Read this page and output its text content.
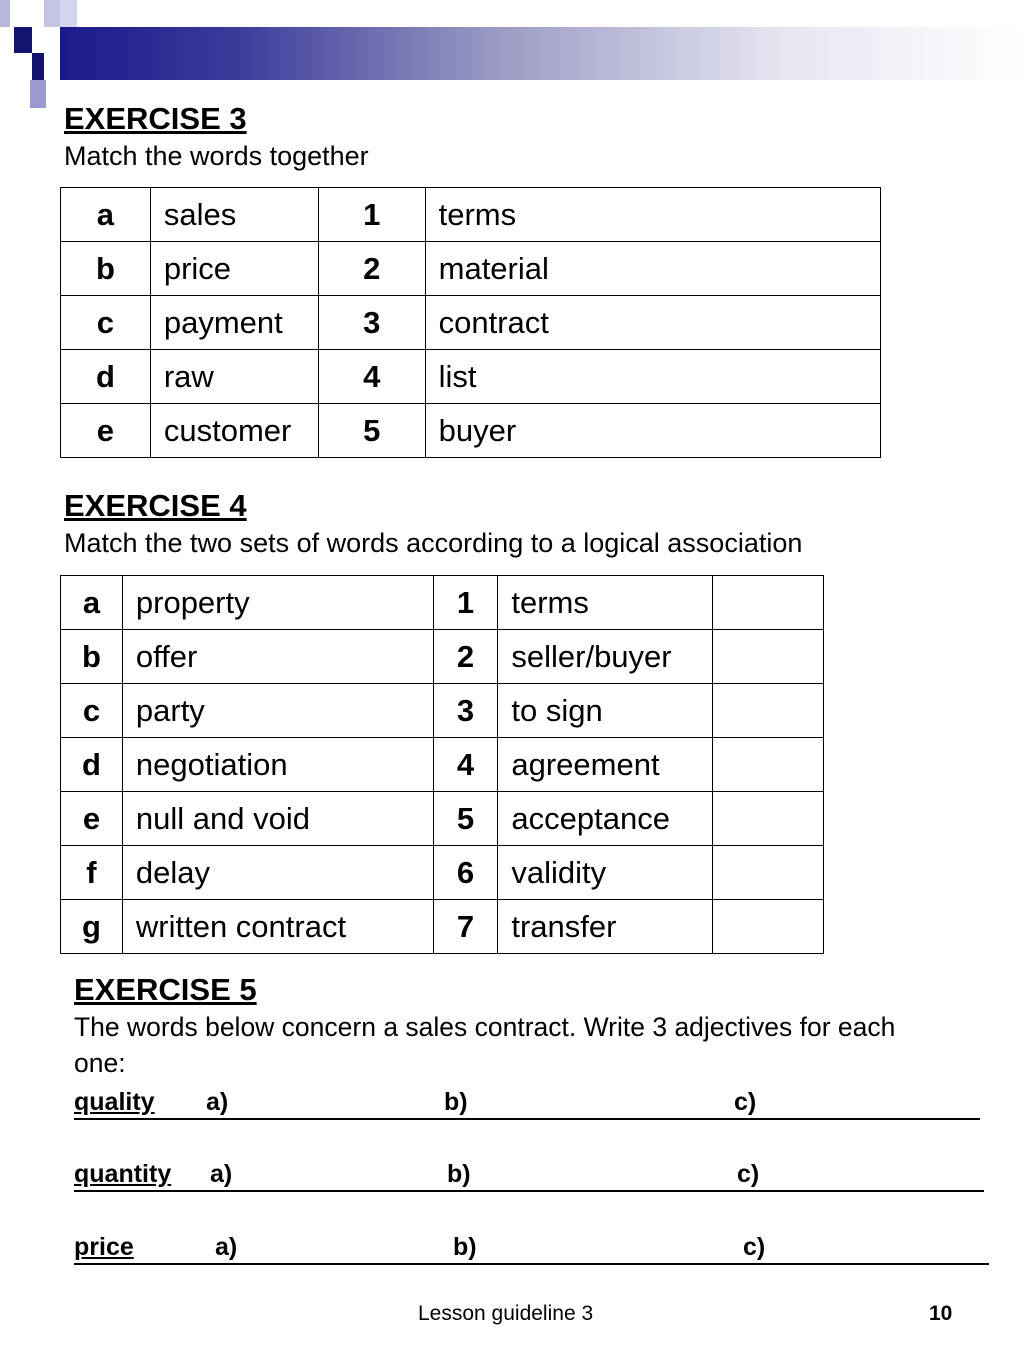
EXERCISE 3
Match the words together
a	sales	1	terms
b	price	2	material
c	payment	3	contract
d	raw	4	list
e	customer	5	buyer
EXERCISE 4
Match the two sets of words according to a logical association
a	property	1	terms	
b	offer	2	seller/buyer	
c	party	3	to sign	
d	negotiation	4	agreement	
e	null and void	5	acceptance	
f	delay	6	validity	
g	written contract	7	transfer	
EXERCISE 5
The words below concern a sales contract. Write 3 adjectives for each
one:
quality a)	b)	c)
quantity a)	b)	c)
price	a)	b)	c)
Lesson guideline 3	10
